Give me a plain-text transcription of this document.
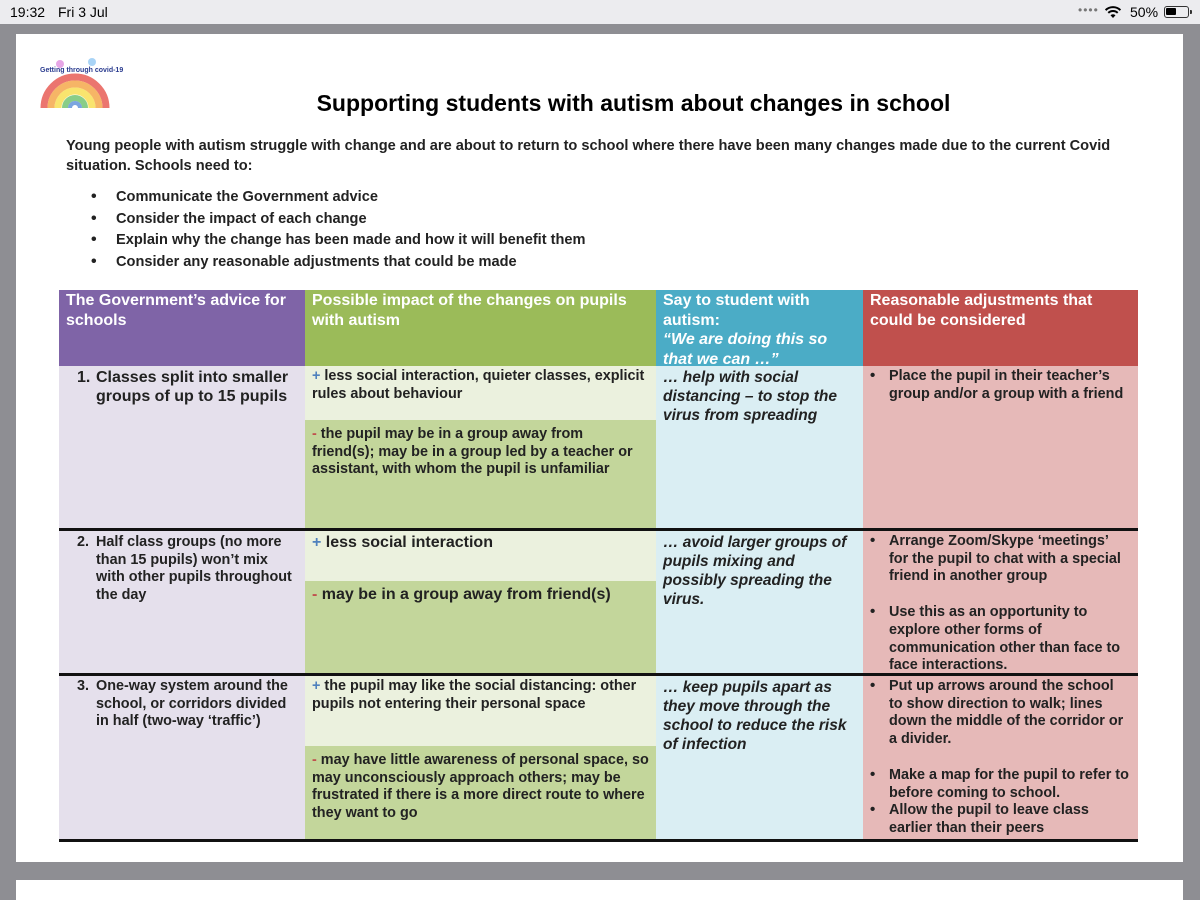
19:32 Fri 3 Jul	•••• 50%
Getting through covid-19
Supporting students with autism about changes in school
Young people with autism struggle with change and are about to return to school where there have been many changes made due to the current Covid situation. Schools need to:
• Communicate the Government advice
• Consider the impact of each change
• Explain why the change has been made and how it will benefit them
• Consider any reasonable adjustments that could be made
The Government’s advice for schools
Possible impact of the changes on pupils with autism
Say to student with autism:
“We are doing this so that we can …”
Reasonable adjustments that could be considered
1. Classes split into smaller groups of up to 15 pupils
+ less social interaction, quieter classes, explicit rules about behaviour
- the pupil may be in a group away from friend(s); may be in a group led by a teacher or assistant, with whom the pupil is unfamiliar
… help with social distancing – to stop the virus from spreading
• Place the pupil in their teacher’s group and/or a group with a friend
2. Half class groups (no more than 15 pupils) won’t mix with other pupils throughout the day
+ less social interaction
- may be in a group away from friend(s)
… avoid larger groups of pupils mixing and possibly spreading the virus.
• Arrange Zoom/Skype ‘meetings’ for the pupil to chat with a special friend in another group
• Use this as an opportunity to explore other forms of communication other than face to face interactions.
3. One-way system around the school, or corridors divided in half (two-way ‘traffic’)
+ the pupil may like the social distancing: other pupils not entering their personal space
- may have little awareness of personal space, so may unconsciously approach others; may be frustrated if there is a more direct route to where they want to go
… keep pupils apart as they move through the school to reduce the risk of infection
• Put up arrows around the school to show direction to walk; lines down the middle of the corridor or a divider.
• Make a map for the pupil to refer to before coming to school.
• Allow the pupil to leave class earlier than their peers
